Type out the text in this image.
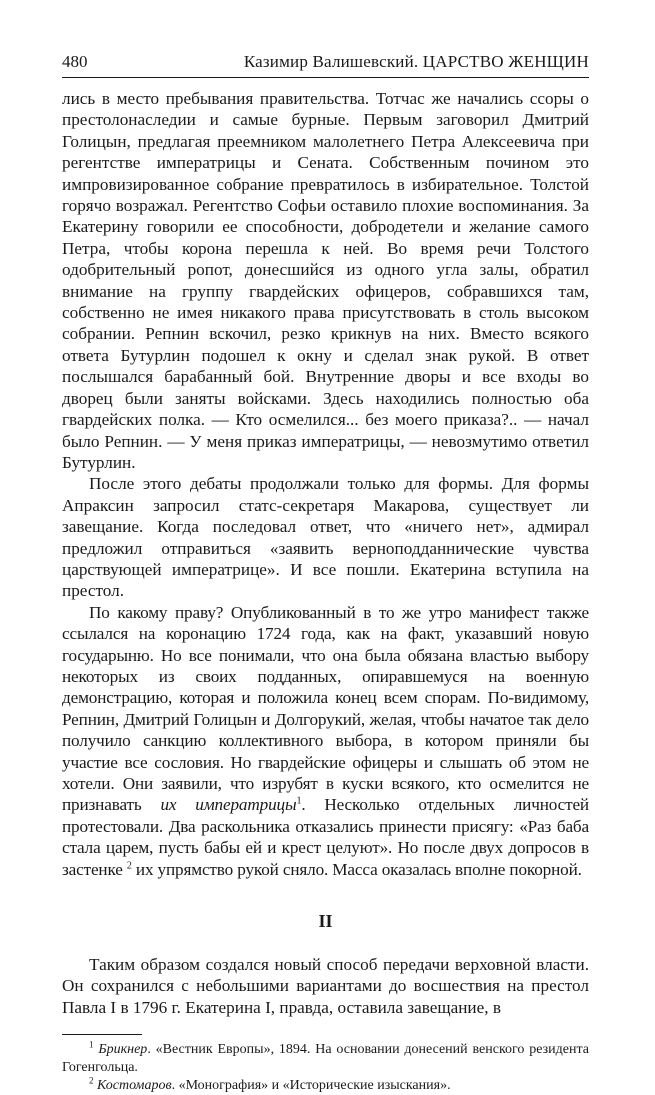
480	Казимир Валишевский. ЦАРСТВО ЖЕНЩИН

лись в место пребывания правительства. Тотчас же начались ссоры о престолонаследии и самые бурные. Первым заговорил Дмитрий Голицын, предлагая преемником малолетнего Петра Алексеевича при регентстве императрицы и Сената. Собственным почином это импровизированное собрание превратилось в избирательное. Толстой горячо возражал. Регентство Софьи оставило плохие воспоминания. За Екатерину говорили ее способности, добродетели и желание самого Петра, чтобы корона перешла к ней. Во время речи Толстого одобрительный ропот, донесшийся из одного угла залы, обратил внимание на группу гвардейских офицеров, собравшихся там, собственно не имея никакого права присутствовать в столь высоком собрании. Репнин вскочил, резко крикнув на них. Вместо всякого ответа Бутурлин подошел к окну и сделал знак рукой. В ответ послышался барабанный бой. Внутренние дворы и все входы во дворец были заняты войсками. Здесь находились полностью оба гвардейских полка. — Кто осмелился... без моего приказа?.. — начал было Репнин. — У меня приказ императрицы, — невозмутимо ответил Бутурлин.

После этого дебаты продолжали только для формы. Для формы Апраксин запросил статс-секретаря Макарова, существует ли завещание. Когда последовал ответ, что «ничего нет», адмирал предложил отправиться «заявить верноподданнические чувства царствующей императрице». И все пошли. Екатерина вступила на престол.

По какому праву? Опубликованный в то же утро манифест также ссылался на коронацию 1724 года, как на факт, указавший новую государыню. Но все понимали, что она была обязана властью выбору некоторых из своих подданных, опиравшемуся на военную демонстрацию, которая и положила конец всем спорам. По-видимому, Репнин, Дмитрий Голицын и Долгорукий, желая, чтобы начатое так дело получило санкцию коллективного выбора, в котором приняли бы участие все сословия. Но гвардейские офицеры и слышать об этом не хотели. Они заявили, что изрубят в куски всякого, кто осмелится не признавать их императрицы$^1$. Несколько отдельных личностей протестовали. Два раскольника отказались принести присягу: «Раз баба стала царем, пусть бабы ей и крест целуют». Но после двух допросов в застенке $^2$ их упрямство рукой сняло. Масса оказалась вполне покорной.

II

Таким образом создался новый способ передачи верховной власти. Он сохранился с небольшими вариантами до восшествия на престол Павла I в 1796 г. Екатерина I, правда, оставила завещание, в

$^1$ Брикнер. «Вестник Европы», 1894. На основании донесений венского резидента Гогенгольца.

$^2$ Костомаров. «Монография» и «Исторические изыскания».
